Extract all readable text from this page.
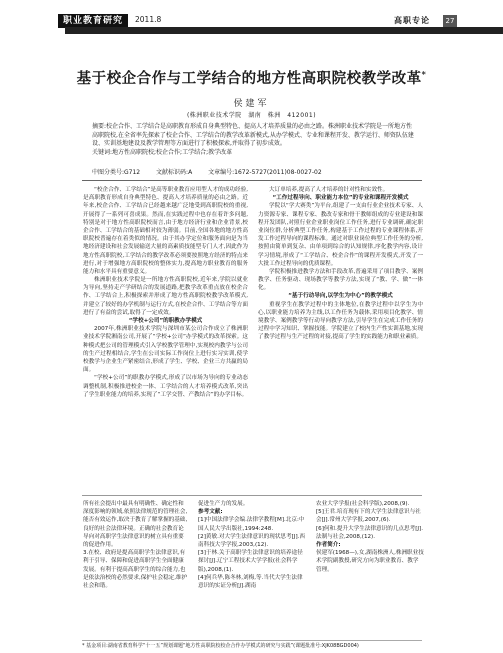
职业教育研究	2011.8	高职专论	27
基于校企合作与工学结合的地方性高职院校教学改革*
侯建军
(株洲职业技术学院　湖南　株洲　412001)

摘要:校企合作、工学结合是高职教育形成自身典型特色、提高人才培养质量的必由之路。株洲职业技术学院是一所地方性高职院校,在全省率先探索了校企合作、工学结合的教学改革新模式,从办学模式、专业和课程开发、教学运行、师资队伍建设、实训基地建设及教学管理等方面进行了积极探索,并取得了初步成效。

关键词:地方性高职院校;校企合作;工学结合;教学改革

中图分类号:G712	文献标识码:A	文章编号:1672-5727(2011)08-0027-02

“校企合作、工学结合”是高等职业教育应用型人才的成功经验,是高职教育形成自身典型特色、提高人才培养质量的必由之路。近年来,校企合作、工学结合已经越来越广泛地受到高职院校的重视,开展得了一系列可喜成果。然而,在实践过程中也存在着许多问题,特别是对于地方性高职院校而言,由于地方经济行业和企业背景,校企合作、工学结合的基础相对较为薄弱。目前,全国各地的地方性高职院校普遍存在着类似的情况。由于其办学定位和服务面向是为当地经济建设和社会发展输送大量的高素质技能型专门人才,因此作为地方性高职院校,工学结合的教学改革必须要按照地方经济的特点来进行,对于增强地方高职院校的整体实力,提高地方职业教育的服务能力和水平具有重要意义。

株洲职业技术学院是一所地方性高职院校,近年来,学院以就业为导向,坚持走产学研结合的发展道路,把教学改革重点放在校企合作、工学结合上,积极探索并形成了地方性高职院校教学改革模式,并建立了较好的办学机制与运行方式,在校企合作、工学结合等方面进行了有益的尝试,取得了一定成效。

“学校+公司”的职教办学模式

2007年,株洲职业技术学院与深圳市某公司合作成立了株洲职业技术学院湘南公司,开展了“学校+公司”办学模式的改革探索。这种模式把公司的管理模式引入学校教学管理中,实现校内教学与公司的生产过程相结合,学生在公司实际工作岗位上进行实习实训,使学校教学与企业生产紧密结合,形成了学生、学校、企业三方共赢的局面。

“学校+公司”的职教办学模式,形成了以市场为导向的专业动态调整机制,积极推进校企一体、工学结合的人才培养模式改革,突出了学生职业能力的培养,实现了“工学交替、产教结合”的办学目标。

大订单培养,提高了人才培养的针对性和实效性。

“工作过程导向、职业能力本位”的专业和课程开发模式

学院以“学大赛类”为平台,组建了一支由行业企业技术专家、人力资源专家、课程专家、教改专家和骨干教师组成的专业建设和课程开发团队,对照行业企业职业岗位工作任务,进行专业调研,确定职业岗位群,分析典型工作任务,构建基于工作过程的专业课程体系,开发工作过程导向的课程标准。通过对职业岗位典型工作任务的分析,按照由简单到复杂、由单项到综合的认知规律,序化教学内容,设计学习情境,形成了“工学结合、校企合作”的课程开发模式,开发了一大批工作过程导向的优质课程。

学院积极推进教学方法和手段改革,普遍采用了项目教学、案例教学、任务驱动、现场教学等教学方法,实现了“教、学、做”一体化。

“基于行动导向,以学生为中心”的教学模式

重视学生在教学过程中的主体地位,在教学过程中以学生为中心,以职业能力培养为主线,以工作任务为载体,采用项目化教学、情境教学、案例教学等行动导向教学方法,引导学生在完成工作任务的过程中学习知识、掌握技能。学院建立了校内生产性实训基地,实现了教学过程与生产过程的对接,提高了学生的实践能力和职业素质。

所有社会提出中最具有明确性、确定性和深度影响的领域,依照法律规范的管理社会,能否有效运作,取决于教育了解掌握的基础,良好的社会法律环境。正确的社会教育论导向对高职学生法律意识的树立具有重要的促进作用。

3.在校、政府是提高高职学生法律意识,有利于引导、保障和促进高职学生全面健康发展。有利于提高高职学生的综合能力,也是依法治校的必然要求,保护社会稳定,维护社会和谐。

促进生产力的发展。

参考文献:

[1]中国法律学会编.法律学教程[M].北京:中国人民大学出版社,1994:248.

[2]黄敏.对大学生法律意识的现状思考[J].西南科技大学学报,2003,(12).

[3]于林.关于高职学生法律意识的培养途径探讨[J].辽宁工程技术大学学报(社会科学版),2008,(1).

[4]何兵华,陈冬林,刘梅,等.当代大学生法律意识的实证分析[J].湖南

农业大学学报(社会科学版),2008,(9).

[5]王君.培育现有下的大学生法律意识与社会[J].常州大学学报,2007,(6).

[6]何和.提升大学生法律意识的几点思考[J].法制与社会,2008,(12).

作者简介:

侯建军(1968—),女,湖南株洲人,株洲职业技术学院副教授,研究方向为职业教育、教学管理。

* 基金项目:湖南省教育科学“十一五”规划课题“地方性高职院校校企合作办学模式的研究与实践”(课题批准号:XJK08BGD004)
